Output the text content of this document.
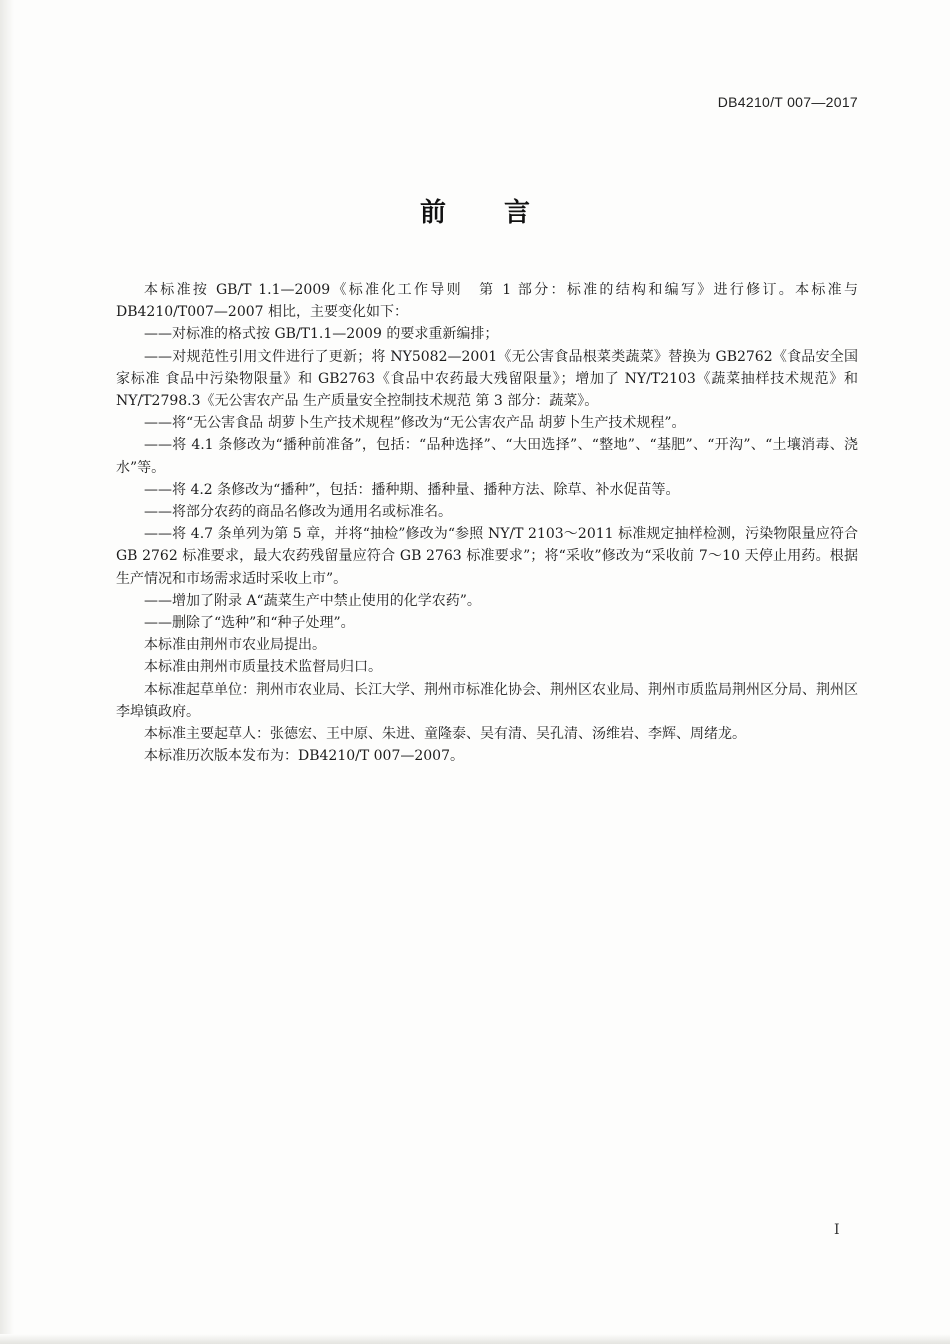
DB4210/T 007—2017
前言

本标准按 GB/T 1.1—2009《标准化工作导则　第 1 部分：标准的结构和编写》进行修订。本标准与 DB4210/T007—2007 相比，主要变化如下：

——对标准的格式按 GB/T1.1—2009 的要求重新编排；

——对规范性引用文件进行了更新；将 NY5082—2001《无公害食品根菜类蔬菜》替换为 GB2762《食品安全国家标准 食品中污染物限量》和 GB2763《食品中农药最大残留限量》；增加了 NY/T2103《蔬菜抽样技术规范》和 NY/T2798.3《无公害农产品 生产质量安全控制技术规范 第 3 部分：蔬菜》。

——将“无公害食品 胡萝卜生产技术规程”修改为“无公害农产品 胡萝卜生产技术规程”。

——将 4.1 条修改为“播种前准备”，包括：“品种选择”、“大田选择”、“整地”、“基肥”、“开沟”、“土壤消毒、浇水”等。

——将 4.2 条修改为“播种”，包括：播种期、播种量、播种方法、除草、补水促苗等。

——将部分农药的商品名修改为通用名或标准名。

——将 4.7 条单列为第 5 章，并将“抽检”修改为“参照 NY/T 2103～2011 标准规定抽样检测，污染物限量应符合 GB 2762 标准要求，最大农药残留量应符合 GB 2763 标准要求”；将“采收”修改为“采收前 7～10 天停止用药。根据生产情况和市场需求适时采收上市”。

——增加了附录 A“蔬菜生产中禁止使用的化学农药”。

——删除了“选种”和“种子处理”。

本标准由荆州市农业局提出。

本标准由荆州市质量技术监督局归口。

本标准起草单位：荆州市农业局、长江大学、荆州市标准化协会、荆州区农业局、荆州市质监局荆州区分局、荆州区李埠镇政府。

本标准主要起草人：张德宏、王中原、朱进、童隆泰、吴有清、吴孔清、汤维岩、李辉、周绪龙。

本标准历次版本发布为：DB4210/T 007—2007。

I
